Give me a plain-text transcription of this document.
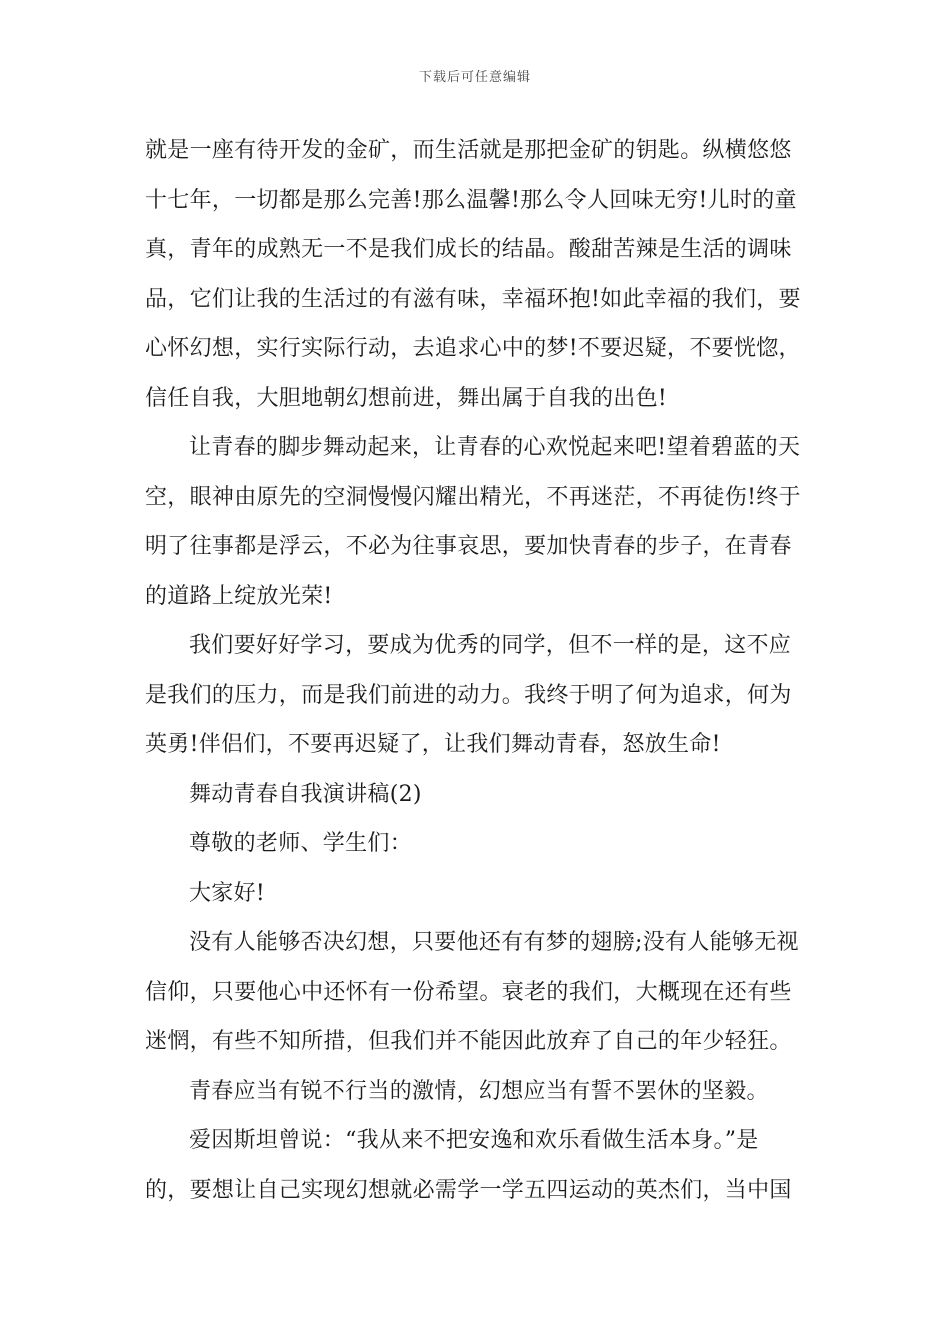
下载后可任意编辑
就是一座有待开发的金矿，而生活就是那把金矿的钥匙。纵横悠悠
十七年，一切都是那么完善!那么温馨!那么令人回味无穷!儿时的童
真，青年的成熟无一不是我们成长的结晶。酸甜苦辣是生活的调味
品，它们让我的生活过的有滋有味，幸福环抱!如此幸福的我们，要
心怀幻想，实行实际行动，去追求心中的梦!不要迟疑，不要恍惚，
信任自我，大胆地朝幻想前进，舞出属于自我的出色!
让青春的脚步舞动起来，让青春的心欢悦起来吧!望着碧蓝的天
空，眼神由原先的空洞慢慢闪耀出精光，不再迷茫，不再徒伤!终于
明了往事都是浮云，不必为往事哀思，要加快青春的步子，在青春
的道路上绽放光荣!
我们要好好学习，要成为优秀的同学，但不一样的是，这不应
是我们的压力，而是我们前进的动力。我终于明了何为追求，何为
英勇!伴侣们，不要再迟疑了，让我们舞动青春，怒放生命!
舞动青春自我演讲稿(2)
尊敬的老师、学生们：
大家好!
没有人能够否决幻想，只要他还有有梦的翅膀;没有人能够无视
信仰，只要他心中还怀有一份希望。衰老的我们，大概现在还有些
迷惘，有些不知所措，但我们并不能因此放弃了自己的年少轻狂。
青春应当有锐不行当的激情，幻想应当有誓不罢休的坚毅。
爱因斯坦曾说：“我从来不把安逸和欢乐看做生活本身。”是
的，要想让自己实现幻想就必需学一学五四运动的英杰们，当中国
